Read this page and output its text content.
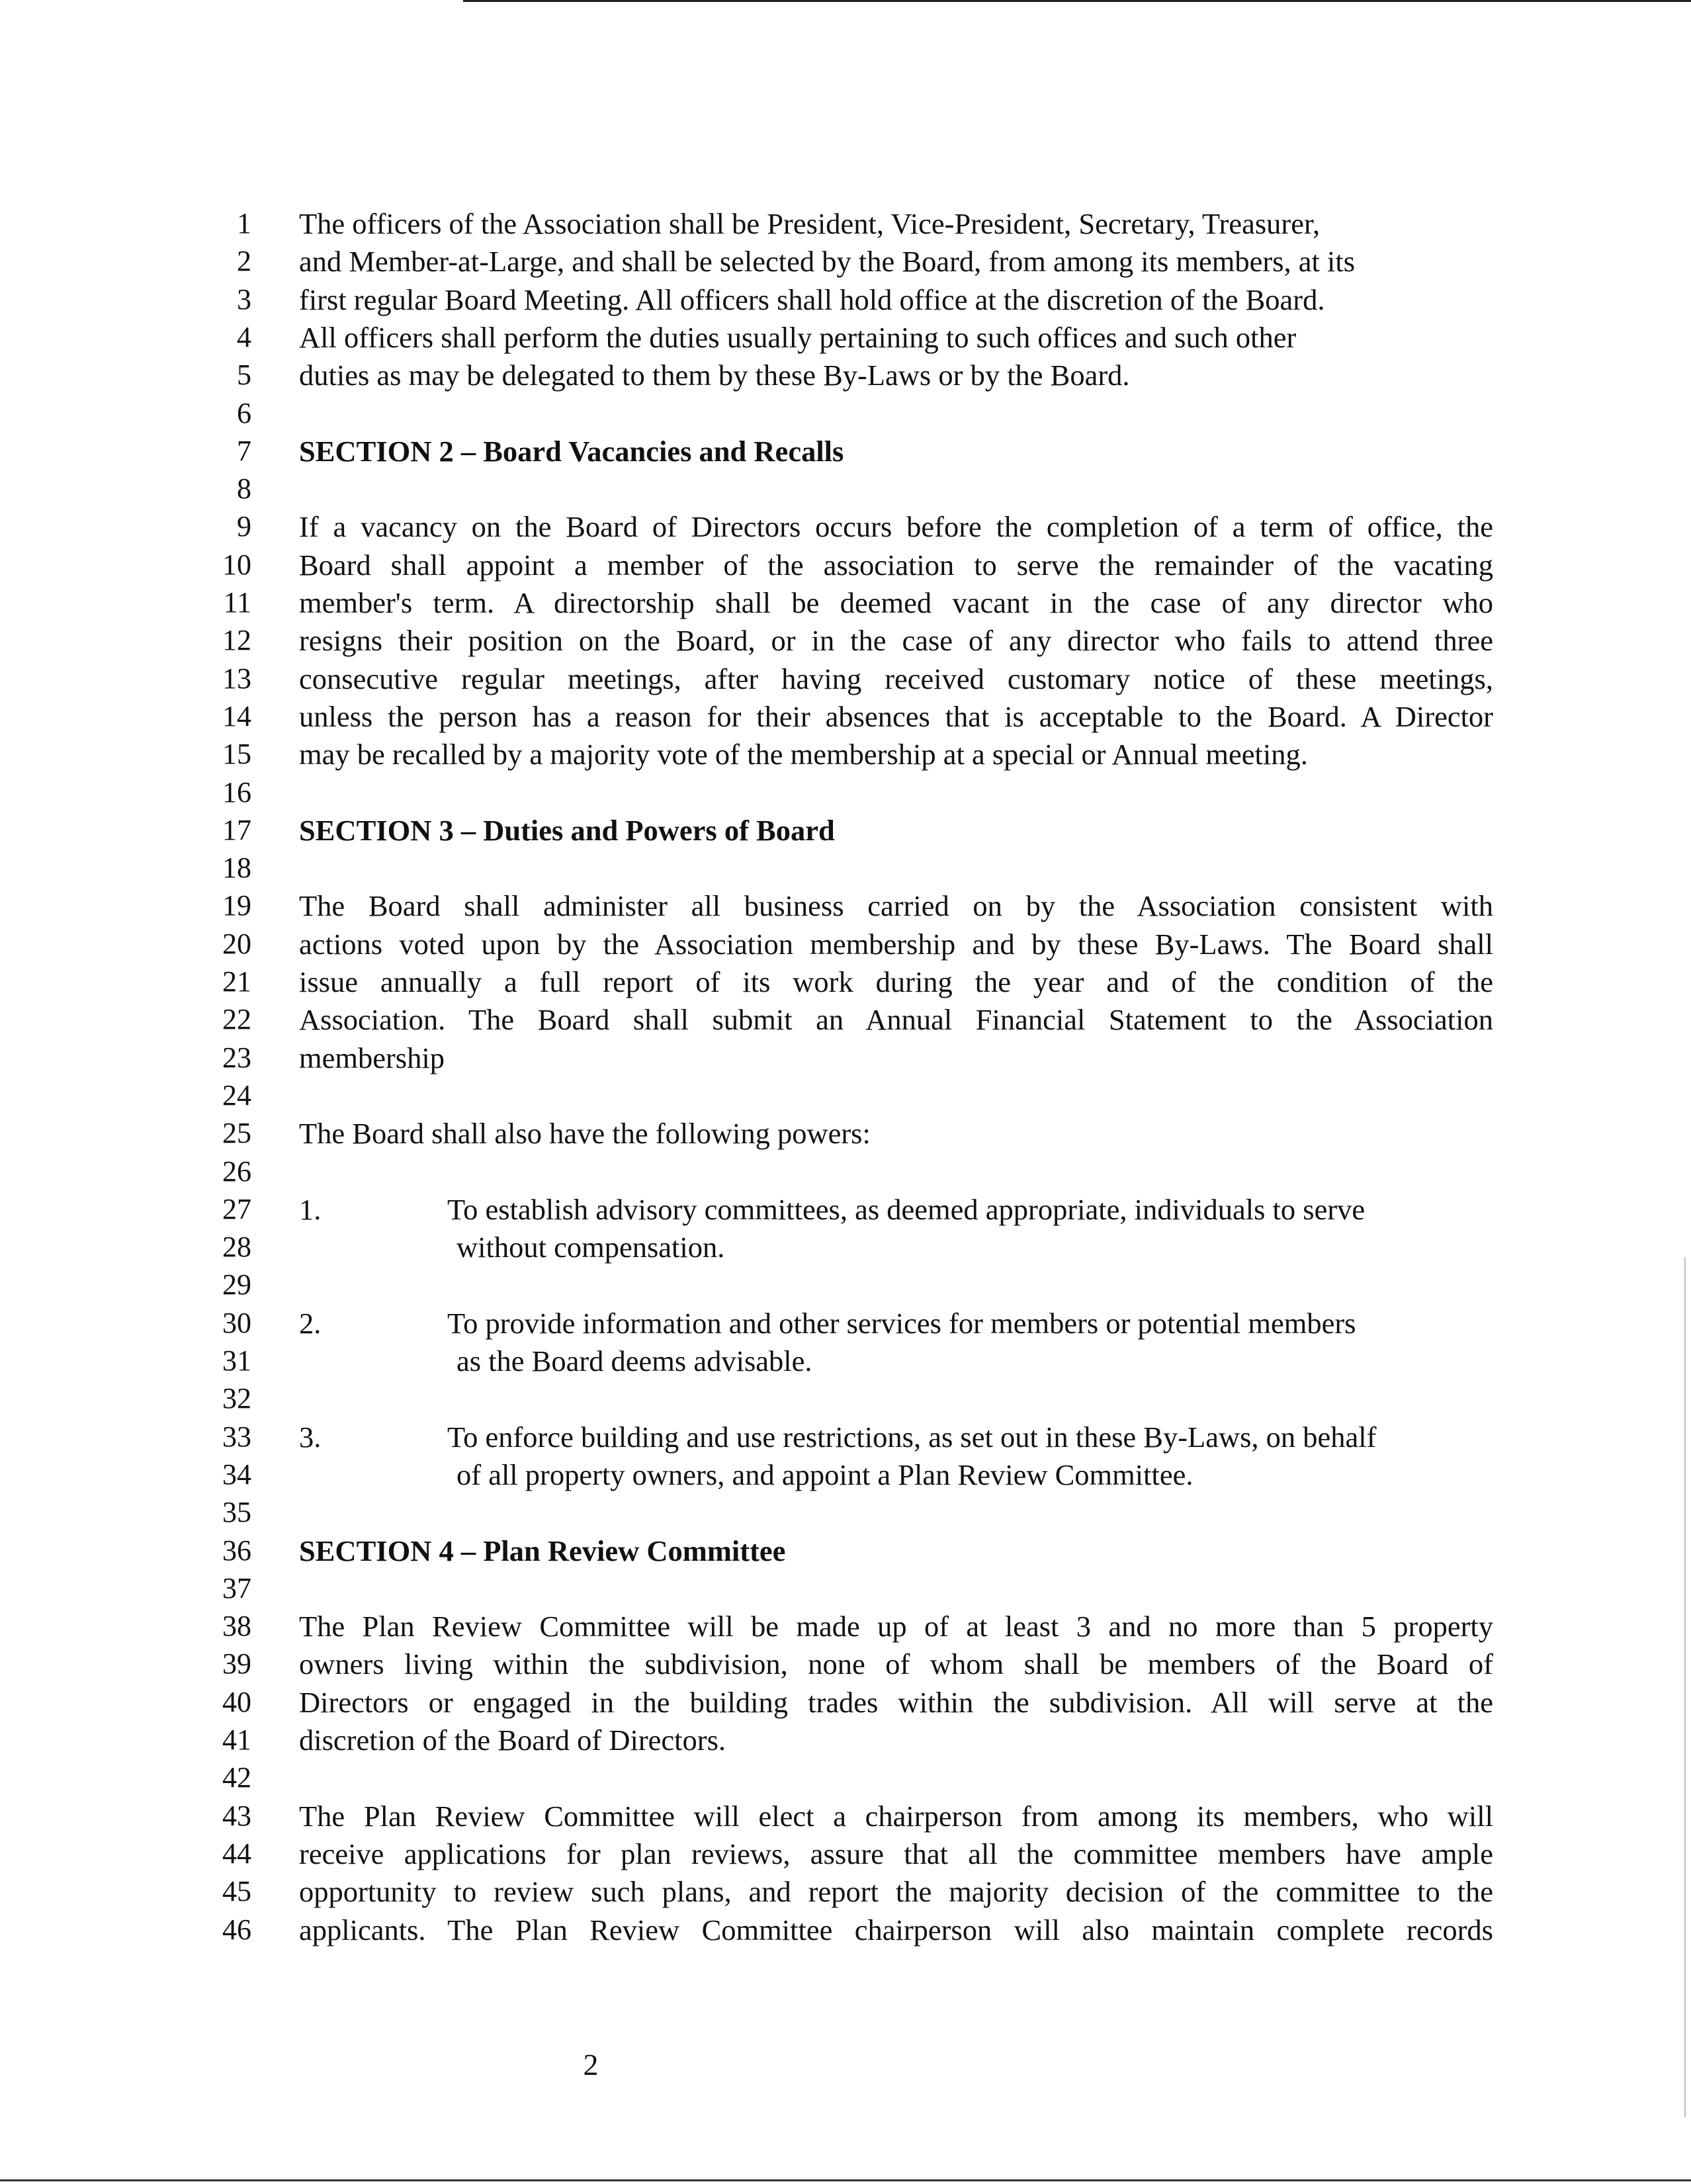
1
2
3
4
5
6
7
8
9
10
11
12
13
14
15
16
17
18
19
20
21
22
23
24
25
26
27
28
29
30
31
32
33
34
35
36
37
38
39
40
41
42
43
44
45
46
The officers of the Association shall be President, Vice-President, Secretary, Treasurer,
and Member-at-Large, and shall be selected by the Board, from among its members, at its
first regular Board Meeting. All officers shall hold office at the discretion of the Board.
All officers shall perform the duties usually pertaining to such offices and such other
duties as may be delegated to them by these By-Laws or by the Board.
SECTION 2 – Board Vacancies and Recalls
If a vacancy on the Board of Directors occurs before the completion of a term of office, the
Board shall appoint a member of the association to serve the remainder of the vacating
member's term. A directorship shall be deemed vacant in the case of any director who
resigns their position on the Board, or in the case of any director who fails to attend three
consecutive regular meetings, after having received customary notice of these meetings,
unless the person has a reason for their absences that is acceptable to the Board. A Director
may be recalled by a majority vote of the membership at a special or Annual meeting.
SECTION 3 – Duties and Powers of Board
The Board shall administer all business carried on by the Association consistent with
actions voted upon by the Association membership and by these By-Laws. The Board shall
issue annually a full report of its work during the year and of the condition of the
Association. The Board shall submit an Annual Financial Statement to the Association
membership
The Board shall also have the following powers:
1.	To establish advisory committees, as deemed appropriate, individuals to serve
without compensation.
2.	To provide information and other services for members or potential members
as the Board deems advisable.
3.	To enforce building and use restrictions, as set out in these By-Laws, on behalf
of all property owners, and appoint a Plan Review Committee.
SECTION 4 – Plan Review Committee
The Plan Review Committee will be made up of at least 3 and no more than 5 property
owners living within the subdivision, none of whom shall be members of the Board of
Directors or engaged in the building trades within the subdivision. All will serve at the
discretion of the Board of Directors.
The Plan Review Committee will elect a chairperson from among its members, who will
receive applications for plan reviews, assure that all the committee members have ample
opportunity to review such plans, and report the majority decision of the committee to the
applicants. The Plan Review Committee chairperson will also maintain complete records
2
